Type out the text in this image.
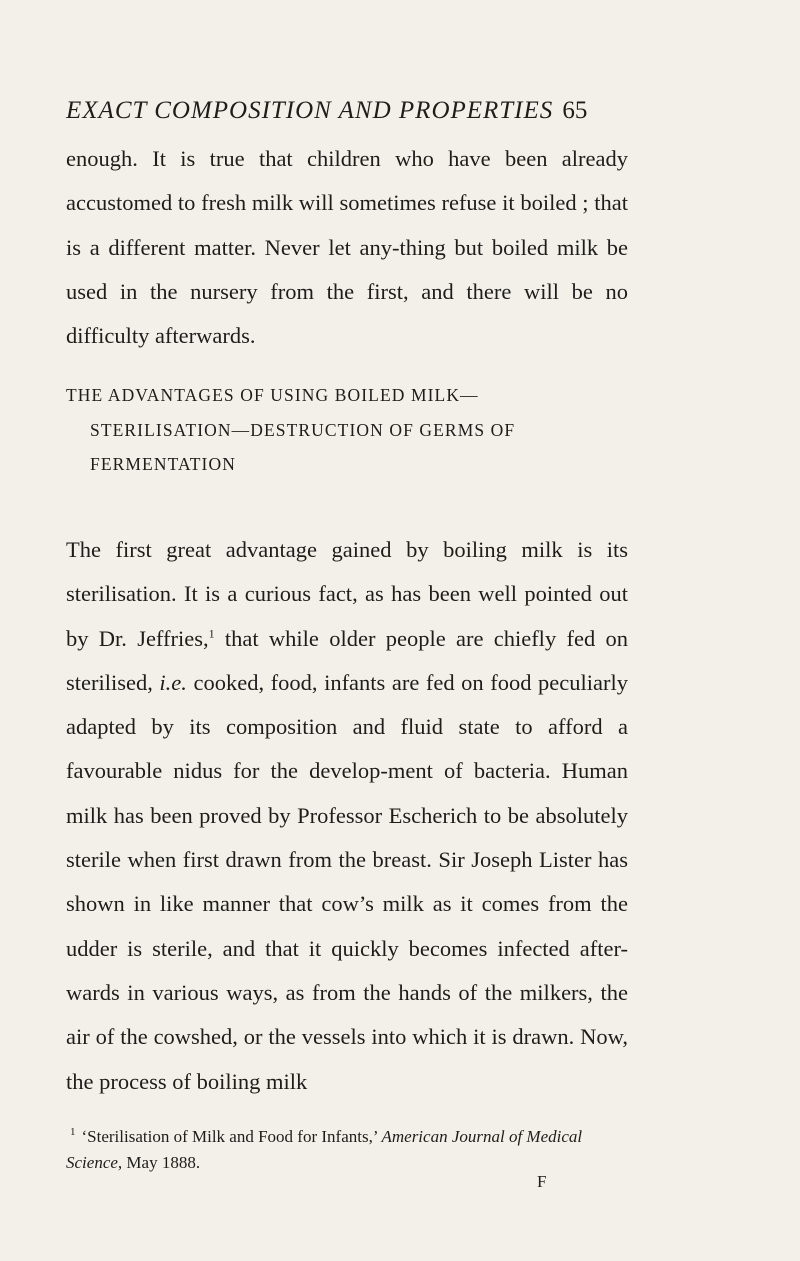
EXACT COMPOSITION AND PROPERTIES 65

enough. It is true that children who have been already accustomed to fresh milk will sometimes refuse it boiled ; that is a different matter. Never let any-thing but boiled milk be used in the nursery from the first, and there will be no difficulty afterwards.

THE ADVANTAGES OF USING BOILED MILK—
STERILISATION—DESTRUCTION OF GERMS OF
FERMENTATION

The first great advantage gained by boiling milk is its sterilisation. It is a curious fact, as has been well pointed out by Dr. Jeffries,$^1$ that while older people are chiefly fed on sterilised, i.e. cooked, food, infants are fed on food peculiarly adapted by its composition and fluid state to afford a favourable nidus for the develop-ment of bacteria. Human milk has been proved by Professor Escherich to be absolutely sterile when first drawn from the breast. Sir Joseph Lister has shown in like manner that cow’s milk as it comes from the udder is sterile, and that it quickly becomes infected after-wards in various ways, as from the hands of the milkers, the air of the cowshed, or the vessels into which it is drawn. Now, the process of boiling milk

$^1$ ‘Sterilisation of Milk and Food for Infants,’ American Journal of Medical Science, May 1888.
F
